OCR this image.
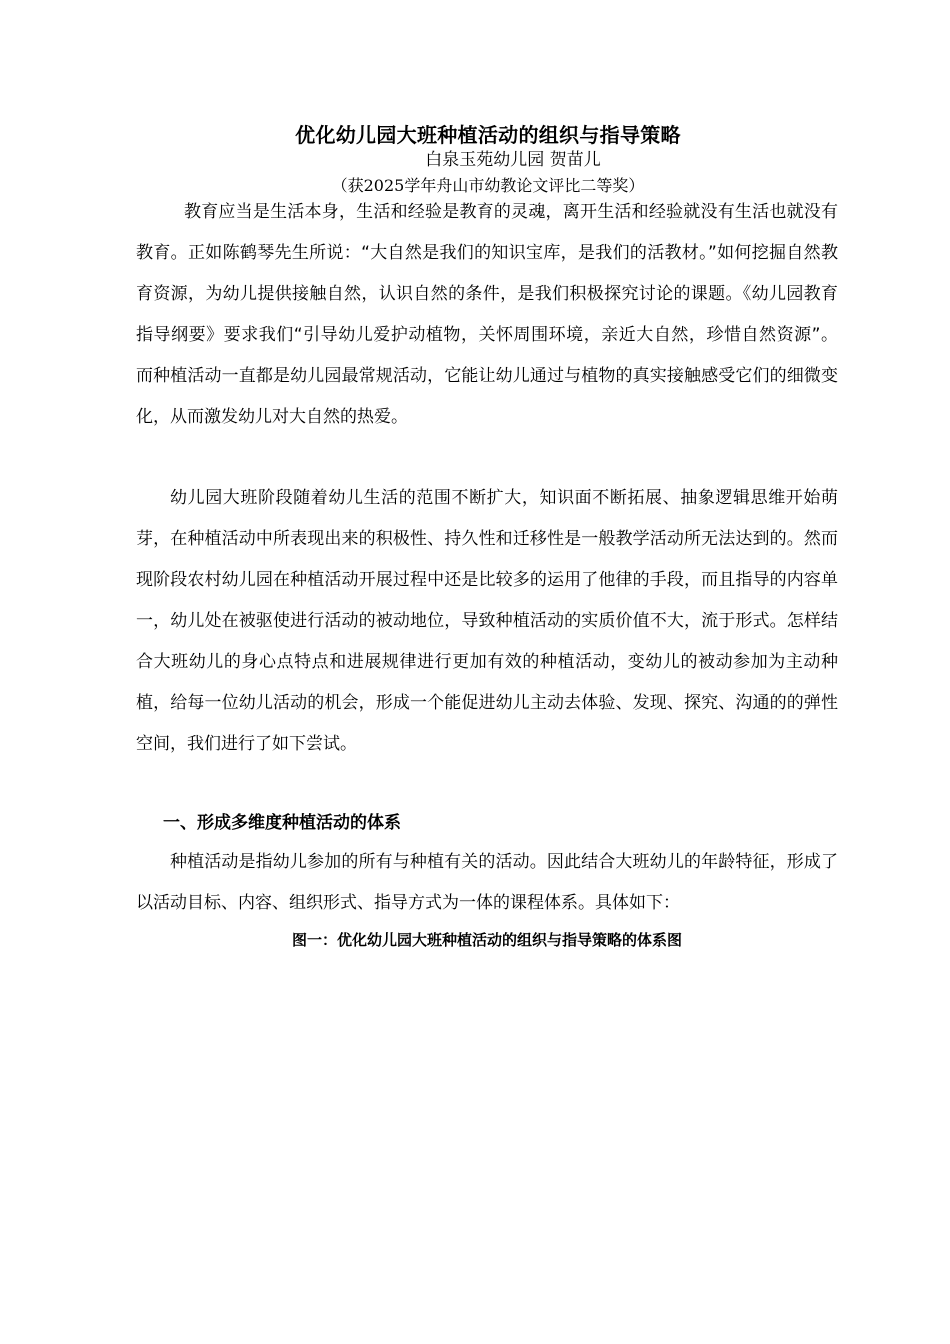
优化幼儿园大班种植活动的组织与指导策略
白泉玉苑幼儿园 贺苗儿
（获2025学年舟山市幼教论文评比二等奖）

教育应当是生活本身，生活和经验是教育的灵魂，离开生活和经验就没有生活也就没有教育。正如陈鹤琴先生所说：“大自然是我们的知识宝库，是我们的活教材。”如何挖掘自然教育资源，为幼儿提供接触自然，认识自然的条件，是我们积极探究讨论的课题。《幼儿园教育指导纲要》要求我们“引导幼儿爱护动植物，关怀周围环境，亲近大自然，珍惜自然资源”。 而种植活动一直都是幼儿园最常规活动，它能让幼儿通过与植物的真实接触感受它们的细微变化，从而激发幼儿对大自然的热爱。

幼儿园大班阶段随着幼儿生活的范围不断扩大，知识面不断拓展、抽象逻辑思维开始萌芽，在种植活动中所表现出来的积极性、持久性和迁移性是一般教学活动所无法达到的。然而现阶段农村幼儿园在种植活动开展过程中还是比较多的运用了他律的手段，而且指导的内容单一，幼儿处在被驱使进行活动的被动地位，导致种植活动的实质价值不大，流于形式。怎样结合大班幼儿的身心点特点和进展规律进行更加有效的种植活动，变幼儿的被动参加为主动种植，给每一位幼儿活动的机会，形成一个能促进幼儿主动去体验、发现、探究、沟通的的弹性空间，我们进行了如下尝试。

一、形成多维度种植活动的体系

种植活动是指幼儿参加的所有与种植有关的活动。因此结合大班幼儿的年龄特征，形成了以活动目标、内容、组织形式、指导方式为一体的课程体系。具体如下：

图一：优化幼儿园大班种植活动的组织与指导策略的体系图
